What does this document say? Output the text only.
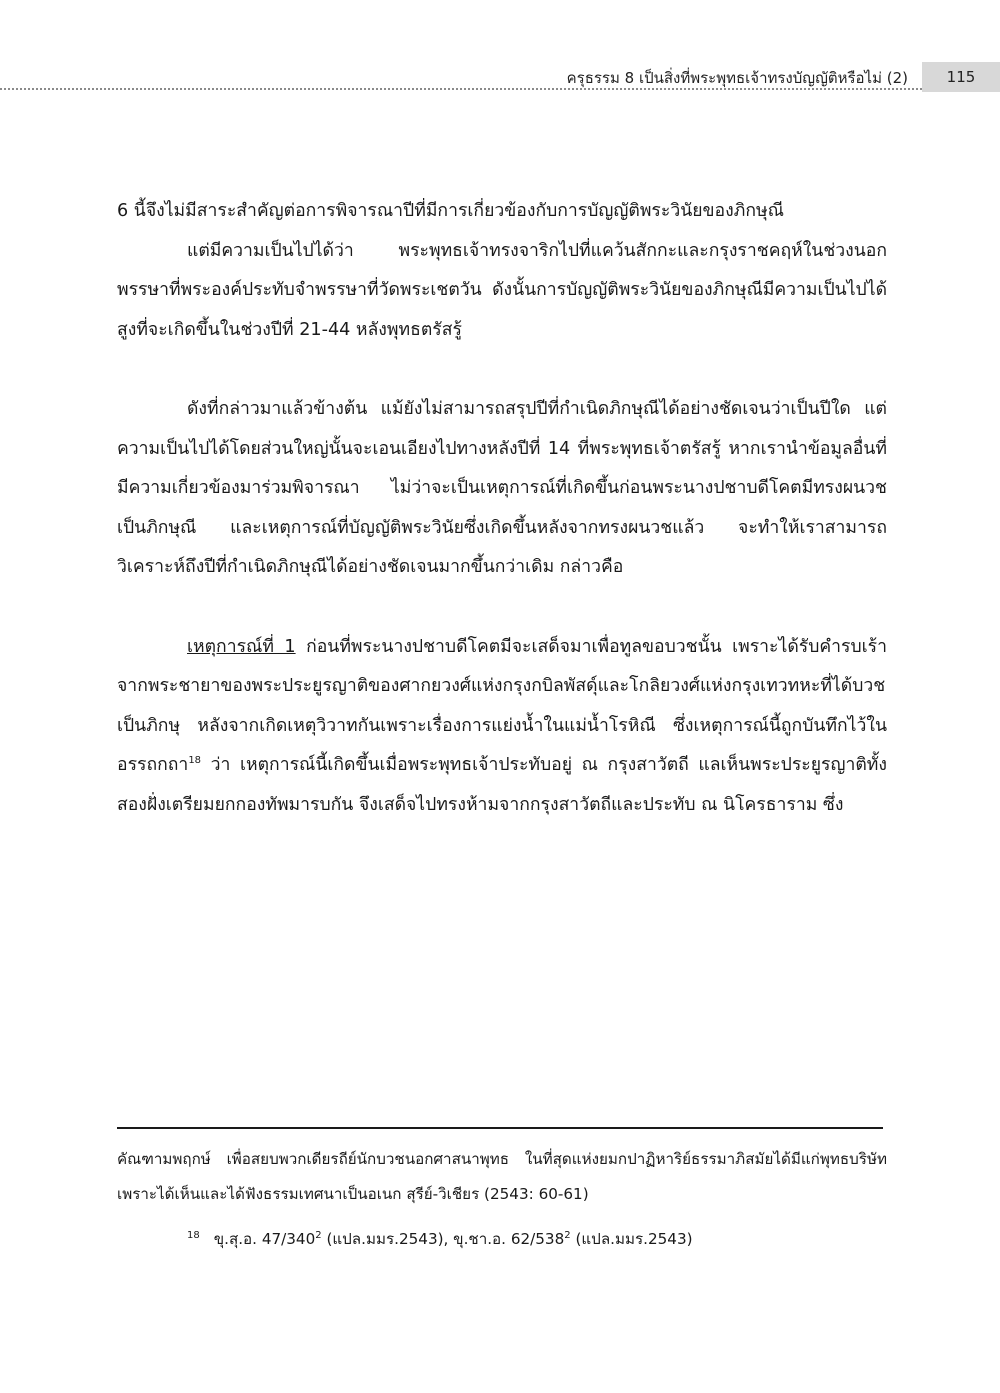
ครุธรรม 8 เป็นสิ่งที่พระพุทธเจ้าทรงบัญญัติหรือไม่ (2)	115
6 นี้จึงไม่มีสาระสำคัญต่อการพิจารณาปีที่มีการเกี่ยวข้องกับการบัญญัติพระวินัยของภิกษุณี
แต่มีความเป็นไปได้ว่า พระพุทธเจ้าทรงจาริกไปที่แคว้นสักกะและกรุงราชคฤห์ในช่วงนอกพรรษาที่พระองค์ประทับจำพรรษาที่วัดพระเชตวัน ดังนั้นการบัญญัติพระวินัยของภิกษุณีมีความเป็นไปได้สูงที่จะเกิดขึ้นในช่วงปีที่ 21-44 หลังพุทธตรัสรู้
ดังที่กล่าวมาแล้วข้างต้น แม้ยังไม่สามารถสรุปปีที่กำเนิดภิกษุณีได้อย่างชัดเจนว่าเป็นปีใด แต่ความเป็นไปได้โดยส่วนใหญ่นั้นจะเอนเอียงไปทางหลังปีที่ 14 ที่พระพุทธเจ้าตรัสรู้ หากเรานำข้อมูลอื่นที่มีความเกี่ยวข้องมาร่วมพิจารณา ไม่ว่าจะเป็นเหตุการณ์ที่เกิดขึ้นก่อนพระนางปชาบดีโคตมีทรงผนวชเป็นภิกษุณี และเหตุการณ์ที่บัญญัติพระวินัยซึ่งเกิดขึ้นหลังจากทรงผนวชแล้ว จะทำให้เราสามารถวิเคราะห์ถึงปีที่กำเนิดภิกษุณีได้อย่างชัดเจนมากขึ้นกว่าเดิม กล่าวคือ
เหตุการณ์ที่ 1 ก่อนที่พระนางปชาบดีโคตมีจะเสด็จมาเพื่อทูลขอบวชนั้น เพราะได้รับคำรบเร้าจากพระชายาของพระประยูรญาติของศากยวงศ์แห่งกรุงกบิลพัสดุ์และโกลิยวงศ์แห่งกรุงเทวทหะที่ได้บวชเป็นภิกษุ หลังจากเกิดเหตุวิวาทกันเพราะเรื่องการแย่งน้ำในแม่น้ำโรหิณี ซึ่งเหตุการณ์นี้ถูกบันทึกไว้ในอรรถกถา$^{18}$ ว่า เหตุการณ์นี้เกิดขึ้นเมื่อพระพุทธเจ้าประทับอยู่ ณ กรุงสาวัตถี แลเห็นพระประยูรญาติทั้งสองฝั่งเตรียมยกกองทัพมารบกัน จึงเสด็จไปทรงห้ามจากกรุงสาวัตถีและประทับ ณ นิโครธาราม ซึ่ง
คัณฑามพฤกษ์ เพื่อสยบพวกเดียรถีย์นักบวชนอกศาสนาพุทธ ในที่สุดแห่งยมกปาฏิหาริย์ธรรมาภิสมัยได้มีแก่พุทธบริษัท เพราะได้เห็นและได้ฟังธรรมเทศนาเป็นอเนก สุรีย์-วิเชียร (2543: 60-61)
$^{18}$ ขุ.สุ.อ. $47/340^2$ (แปล.มมร.2543), ขุ.ชา.อ. $62/538^2$ (แปล.มมร.2543)
